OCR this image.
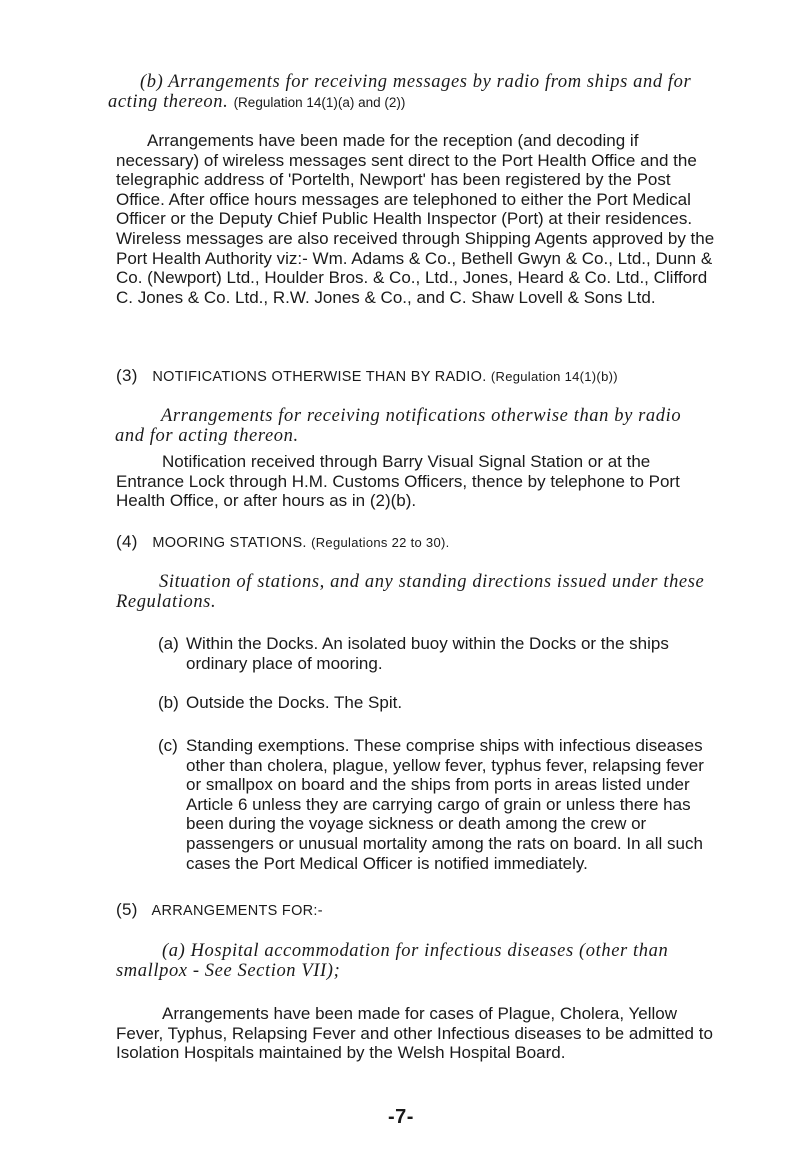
(b) Arrangements for receiving messages by radio from ships and for acting thereon. (Regulation 14(1)(a) and (2))

Arrangements have been made for the reception (and decoding if necessary) of wireless messages sent direct to the Port Health Office and the telegraphic address of 'Portelth, Newport' has been registered by the Post Office. After office hours messages are telephoned to either the Port Medical Officer or the Deputy Chief Public Health Inspector (Port) at their residences. Wireless messages are also received through Shipping Agents approved by the Port Health Authority viz:- Wm. Adams & Co., Bethell Gwyn & Co., Ltd., Dunn & Co. (Newport) Ltd., Houlder Bros. & Co., Ltd., Jones, Heard & Co. Ltd., Clifford C. Jones & Co. Ltd., R.W. Jones & Co., and C. Shaw Lovell & Sons Ltd.

(3) NOTIFICATIONS OTHERWISE THAN BY RADIO. (Regulation 14(1)(b))
Arrangements for receiving notifications otherwise than by radio and for acting thereon.

Notification received through Barry Visual Signal Station or at the Entrance Lock through H.M. Customs Officers, thence by telephone to Port Health Office, or after hours as in (2)(b).

(4) MOORING STATIONS. (Regulations 22 to 30).
Situation of stations, and any standing directions issued under these Regulations.
(a) Within the Docks. An isolated buoy within the Docks or the ships ordinary place of mooring.
(b) Outside the Docks. The Spit.
(c) Standing exemptions. These comprise ships with infectious diseases other than cholera, plague, yellow fever, typhus fever, relapsing fever or smallpox on board and the ships from ports in areas listed under Article 6 unless they are carrying cargo of grain or unless there has been during the voyage sickness or death among the crew or passengers or unusual mortality among the rats on board. In all such cases the Port Medical Officer is notified immediately.
(5) ARRANGEMENTS FOR:-
(a) Hospital accommodation for infectious diseases (other than smallpox - See Section VII);

Arrangements have been made for cases of Plague, Cholera, Yellow Fever, Typhus, Relapsing Fever and other Infectious diseases to be admitted to Isolation Hospitals maintained by the Welsh Hospital Board.

-7-
